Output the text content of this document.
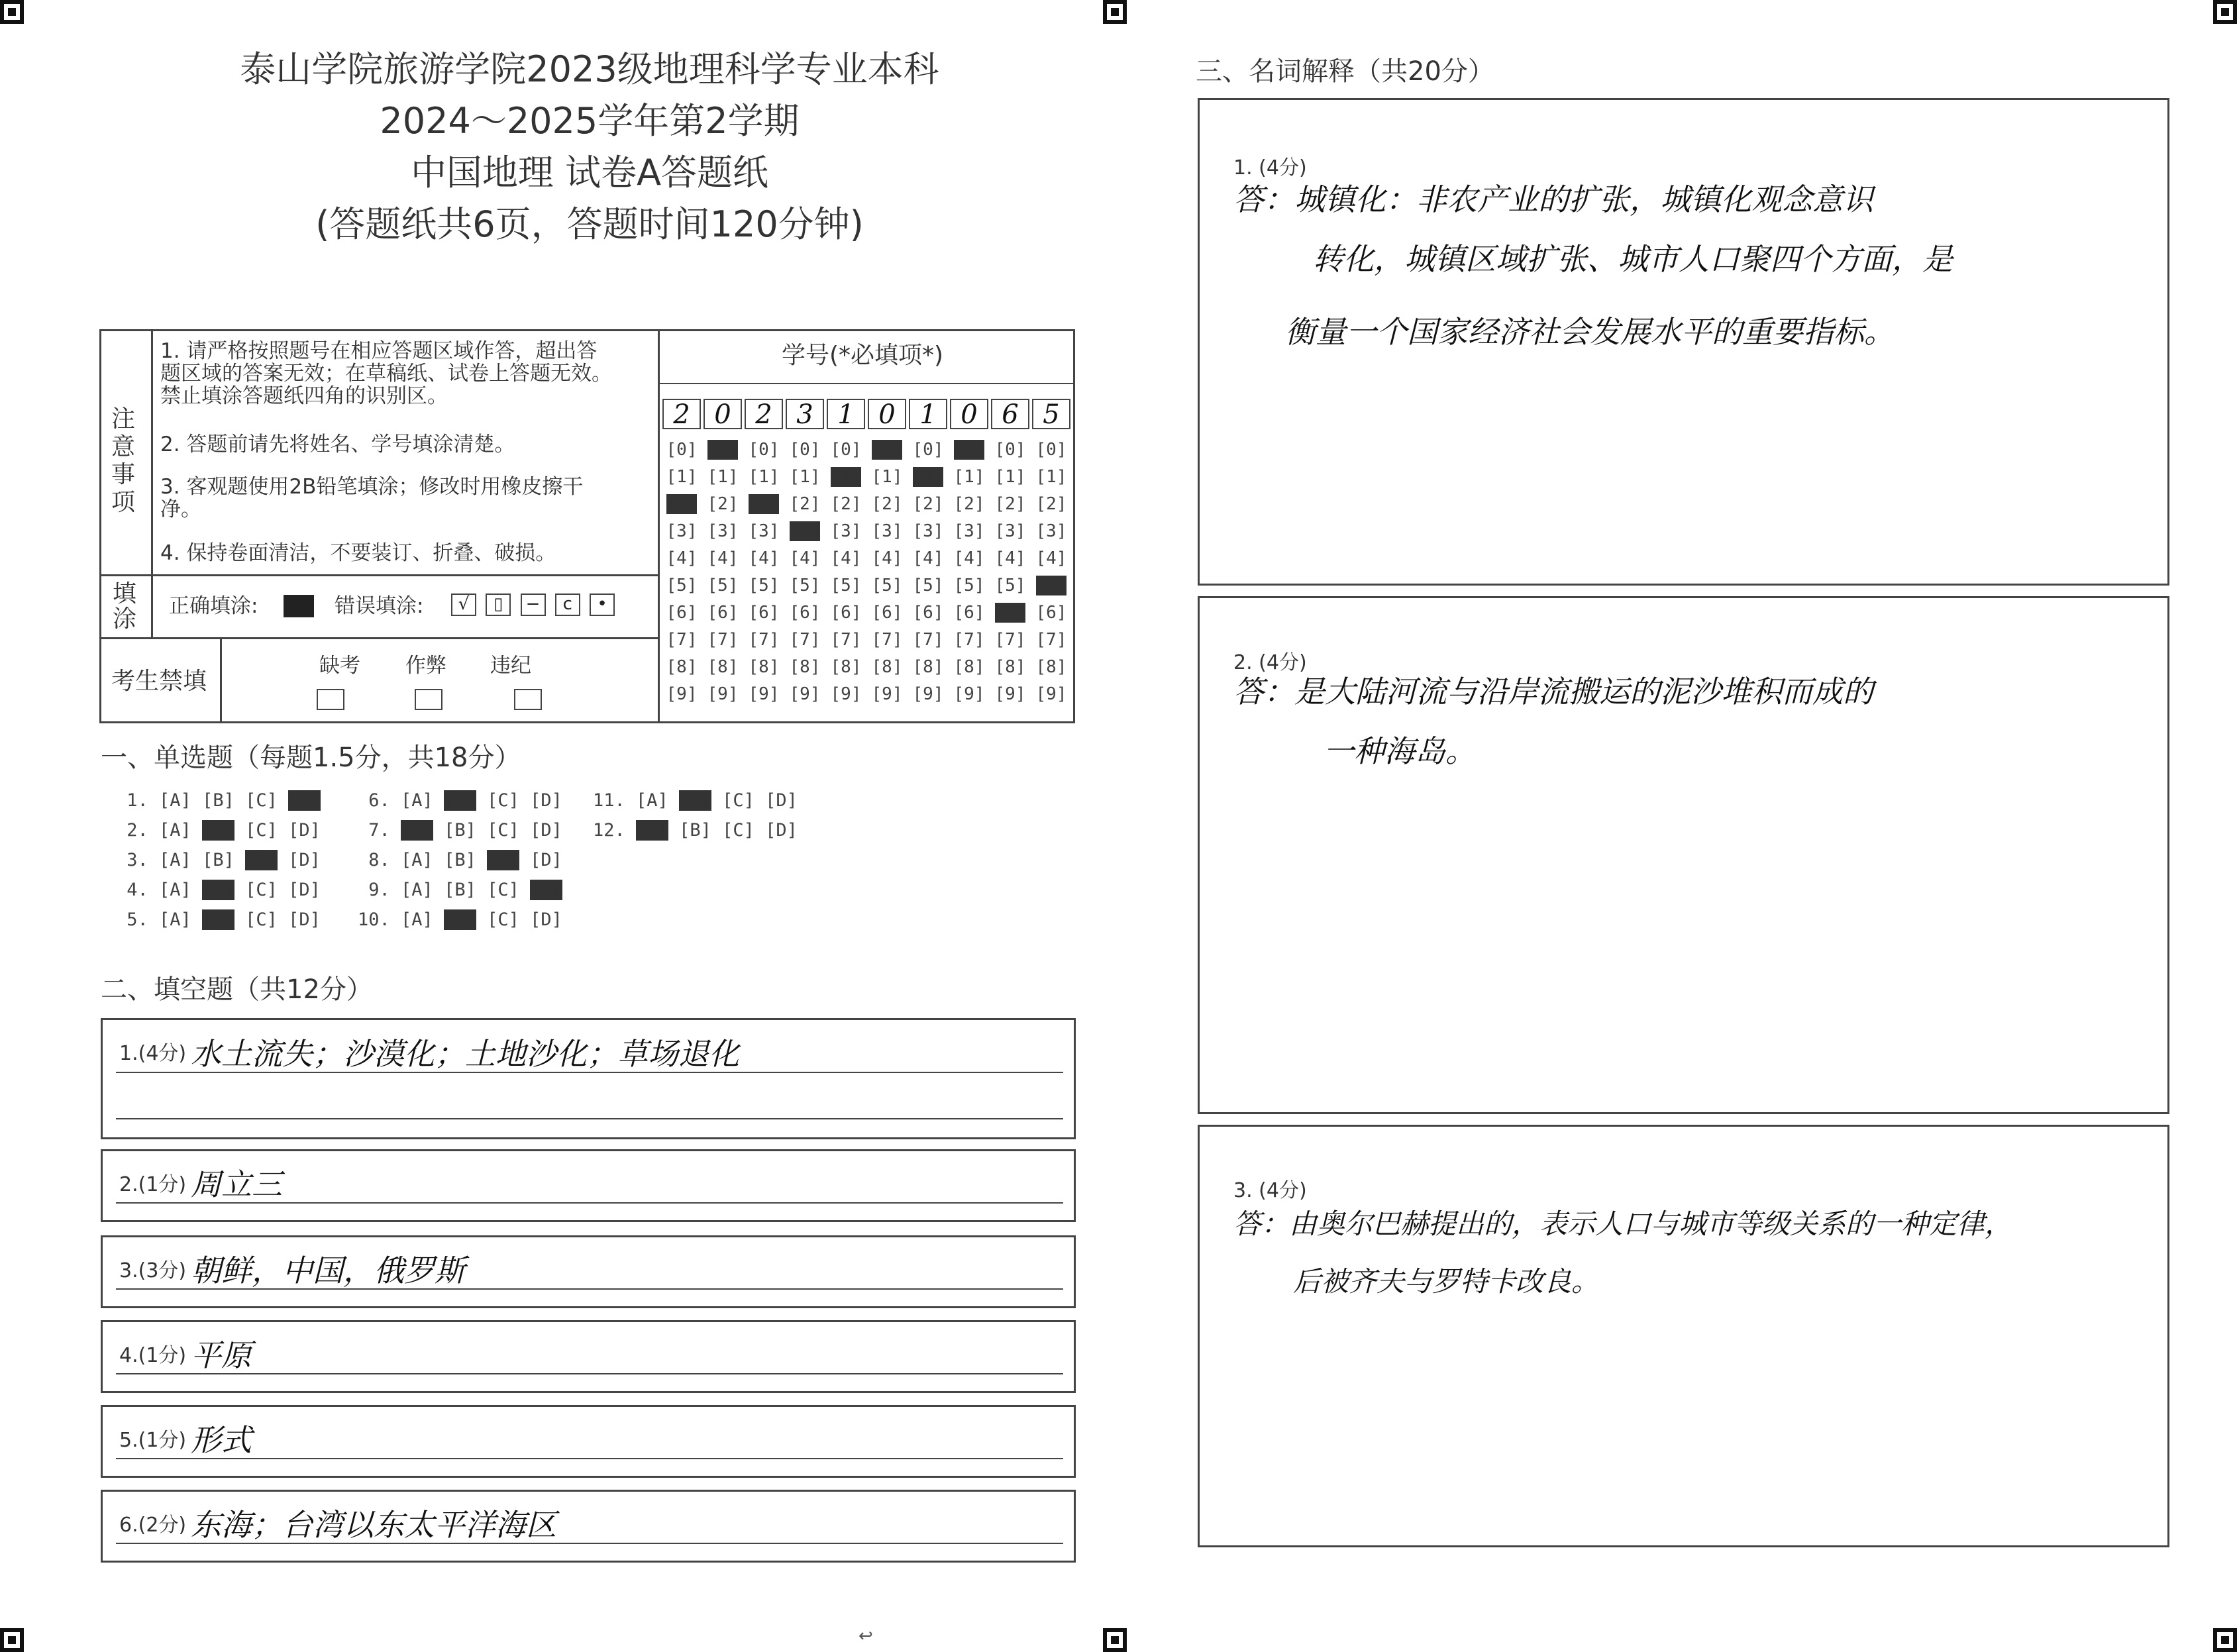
泰山学院旅游学院2023级地理科学专业本科
2024～2025学年第2学期
中国地理 试卷A答题纸
(答题纸共6页，答题时间120分钟)
注意事项
1. 请严格按照题号在相应答题区域作答，超出答题区域的答案无效；在草稿纸、试卷上答题无效。禁止填涂答题纸四角的识别区。
2. 答题前请先将姓名、学号填涂清楚。
3. 客观题使用2B铅笔填涂；修改时用橡皮擦干净。
4. 保持卷面清洁，不要装订、折叠、破损。
填涂 正确填涂:	错误填涂:	√ ▯ − c •
考生禁填
缺考 作弊 违纪
学号(*必填项*)
2 0 2 3 1 0 1 0 6 5
[0]
[1]
[2]
[3]
[4]
[5]
[6]
[7]
[8]
[9]
[0]
[1]
[2]
[3]
[4]
[5]
[6]
[7]
[8]
[9]
[0]
[1]
[2]
[3]
[4]
[5]
[6]
[7]
[8]
[9]
[0]
[1]
[2]
[3]
[4]
[5]
[6]
[7]
[8]
[9]
[0]
[1]
[2]
[3]
[4]
[5]
[6]
[7]
[8]
[9]
[0]
[1]
[2]
[3]
[4]
[5]
[6]
[7]
[8]
[9]
[0]
[1]
[2]
[3]
[4]
[5]
[6]
[7]
[8]
[9]
[0]
[1]
[2]
[3]
[4]
[5]
[6]
[7]
[8]
[9]
[0]
[1]
[2]
[3]
[4]
[5]
[6]
[7]
[8]
[9]
[0]
[1]
[2]
[3]
[4]
[5]
[6]
[7]
[8]
[9]
一、单选题（每题1.5分，共18分）
1. [A] [B] [C] [D]
2. [A] [B] [C] [D]
3. [A] [B] [C] [D]
4. [A] [B] [C] [D]
5. [A] [B] [C] [D]
6. [A] [B] [C] [D]
7. [A] [B] [C] [D]
8. [A] [B] [C] [D]
9. [A] [B] [C] [D]
10. [A] [B] [C] [D]
11. [A] [B] [C] [D]
12. [A] [B] [C] [D]
二、填空题（共12分）
1.(4分) 水土流失；沙漠化；土地沙化；草场退化
2.(1分) 周立三
3.(3分) 朝鲜，中国，俄罗斯
4.(1分) 平原
5.(1分) 形式
6.(2分) 东海；台湾以东太平洋海区
三、名词解释（共20分）
1. (4分)
答：城镇化：非农产业的扩张，城镇化观念意识
转化，城镇区域扩张、城市人口聚四个方面，是
衡量一个国家经济社会发展水平的重要指标。
2. (4分)
答：是大陆河流与沿岸流搬运的泥沙堆积而成的
一种海岛。
3. (4分)
答：由奥尔巴赫提出的，表示人口与城市等级关系的一种定律，
后被齐夫与罗特卡改良。
↩
